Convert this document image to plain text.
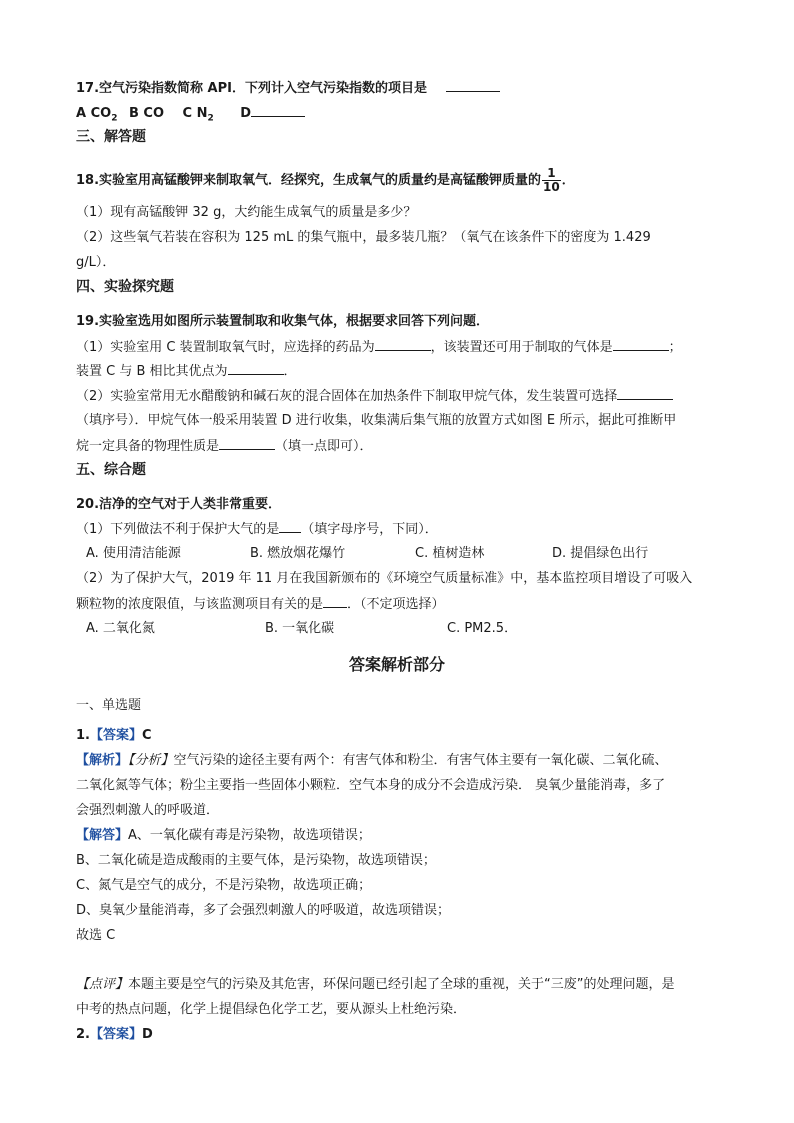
17.空气污染指数简称 API．下列计入空气污染指数的项目是
A $CO_2$ B CO C $N_2$ D
三、解答题
18.实验室用高锰酸钾来制取氧气．经探究，生成氧气的质量约是高锰酸钾质量的 $\frac{1}{10}$ ．
（1）现有高锰酸钾 32 g，大约能生成氧气的质量是多少？
（2）这些氧气若装在容积为 125 mL 的集气瓶中，最多装几瓶？（氧气在该条件下的密度为 1.429
g/L）．
四、实验探究题
19.实验室选用如图所示装置制取和收集气体，根据要求回答下列问题．
（1）实验室用 C 装置制取氧气时，应选择的药品为	，该装置还可用于制取的气体是	；
装置 C 与 B 相比其优点为	．
（2）实验室常用无水醋酸钠和碱石灰的混合固体在加热条件下制取甲烷气体，发生装置可选择
（填序号）．甲烷气体一般采用装置 D 进行收集，收集满后集气瓶的放置方式如图 E 所示，据此可推断甲
烷一定具备的物理性质是	（填一点即可）．
五、综合题
20.洁净的空气对于人类非常重要．
（1）下列做法不利于保护大气的是 （填字母序号，下同）．
A. 使用清洁能源	B. 燃放烟花爆竹	C. 植树造林	D. 提倡绿色出行
（2）为了保护大气，2019 年 11 月在我国新颁布的《环境空气质量标准》中，基本监控项目增设了可吸入
颗粒物的浓度限值，与该监测项目有关的是 ．（不定项选择）
A. 二氧化氮	B. 一氧化碳	C. PM2.5．
答案解析部分
一、单选题
1.【答案】C
【解析】【分析】空气污染的途径主要有两个：有害气体和粉尘．有害气体主要有一氧化碳、二氧化硫、
二氧化氮等气体；粉尘主要指一些固体小颗粒．空气本身的成分不会造成污染． 臭氧少量能消毒，多了
会强烈刺激人的呼吸道．
【解答】A、一氧化碳有毒是污染物，故选项错误；
B、二氧化硫是造成酸雨的主要气体，是污染物，故选项错误；
C、氮气是空气的成分，不是污染物，故选项正确；
D、臭氧少量能消毒，多了会强烈刺激人的呼吸道，故选项错误；
故选 C
【点评】本题主要是空气的污染及其危害，环保问题已经引起了全球的重视，关于“三废”的处理问题，是
中考的热点问题，化学上提倡绿色化学工艺，要从源头上杜绝污染．
2.【答案】D
